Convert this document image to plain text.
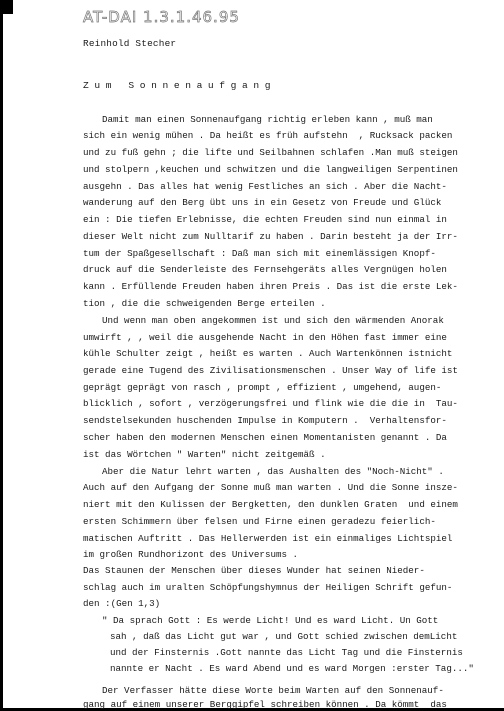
AT-DAI 1.3.1.46.95
Reinhold Stecher
Zum Sonnenaufgang
Damit man einen Sonnenaufgang richtig erleben kann , muß man
sich ein wenig mühen . Da heißt es früh aufstehn  , Rucksack packen
und zu fuß gehn ; die lifte und Seilbahnen schlafen .Man muß steigen
und stolpern ,keuchen und schwitzen und die langweiligen Serpentinen
ausgehn . Das alles hat wenig Festliches an sich . Aber die Nacht-
wanderung auf den Berg übt uns in ein Gesetz von Freude und Glück
ein : Die tiefen Erlebnisse, die echten Freuden sind nun einmal in
dieser Welt nicht zum Nulltarif zu haben . Darin besteht ja der Irr-
tum der Spaßgesellschaft : Daß man sich mit einemlässigen Knopf-
druck auf die Senderleiste des Fernsehgeräts alles Vergnügen holen
kann . Erfüllende Freuden haben ihren Preis . Das ist die erste Lek-
tion , die die schweigenden Berge erteilen .
Und wenn man oben angekommen ist und sich den wärmenden Anorak
umwirft , , weil die ausgehende Nacht in den Höhen fast immer eine
kühle Schulter zeigt , heißt es warten . Auch Wartenkönnen istnicht
gerade eine Tugend des Zivilisationsmenschen . Unser Way of life ist
geprägt geprägt von rasch , prompt , effizient , umgehend, augen-
blicklich , sofort , verzögerungsfrei und flink wie die die in  Tau-
sendstelsekunden huschenden Impulse in Komputern .  Verhaltensfor-
scher haben den modernen Menschen einen Momentanisten genannt . Da
ist das Wörtchen " Warten" nicht zeitgemäß .
Aber die Natur lehrt warten , das Aushalten des "Noch-Nicht" .
Auch auf den Aufgang der Sonne muß man warten . Und die Sonne insze-
niert mit den Kulissen der Bergketten, den dunklen Graten  und einem
ersten Schimmern über felsen und Firne einen geradezu feierlich-
matischen Auftritt . Das Hellerwerden ist ein einmaliges Lichtspiel
im großen Rundhorizont des Universums .
Das Staunen der Menschen über dieses Wunder hat seinen Nieder-
schlag auch im uralten Schöpfungshymnus der Heiligen Schrift gefun-
den :(Gen 1,3)
" Da sprach Gott : Es werde Licht! Und es ward Licht. Un Gott
sah , daß das Licht gut war , und Gott schied zwischen demLicht
und der Finsternis .Gott nannte das Licht Tag und die Finsternis
nannte er Nacht . Es ward Abend und es ward Morgen :erster Tag..."
Der Verfasser hätte diese Worte beim Warten auf den Sonnenauf-
gang auf einem unserer Berggipfel schreiben können . Da kömmt  das
